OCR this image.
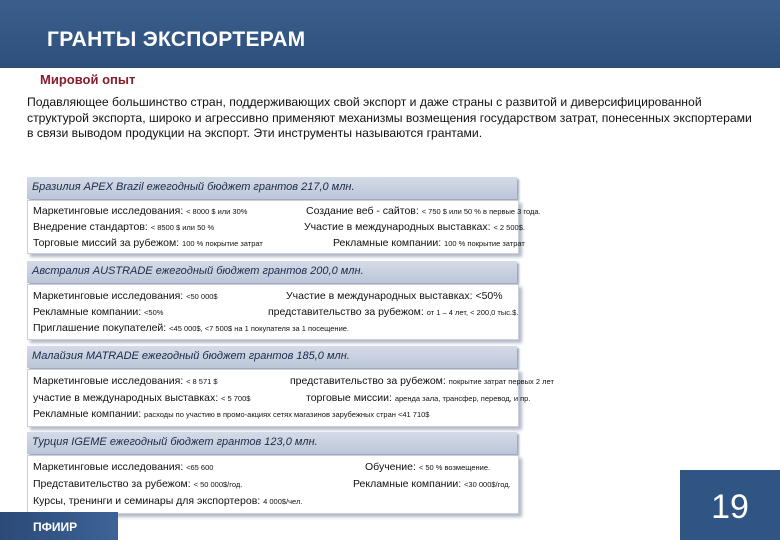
ГРАНТЫ ЭКСПОРТЕРАМ
Мировой опыт
Подавляющее большинство стран, поддерживающих свой экспорт и даже страны с развитой и диверсифицированной структурой экспорта, широко и агрессивно применяют механизмы возмещения государством затрат, понесенных экспортерами в связи выводом продукции на экспорт. Эти инструменты называются грантами.
Бразилия APEX Brazil ежегодный бюджет грантов 217,0 млн.
Маркетинговые исследования: < 8000 $ или 30%	Создание веб - сайтов: < 750 $ или 50 % в первые 3 года.
Внедрение стандартов: < 8500 $ или 50 %	Участие в международных выставках: < 2 500$.
Торговые миссий за рубежом: 100 % покрытие затрат	Рекламные компании: 100 % покрытие затрат
Австралия AUSTRADE ежегодный бюджет грантов 200,0 млн.
Маркетинговые исследования: <50 000$	Участие в международных выставках: <50%
Рекламные компании: <50%	представительство за рубежом: от 1 – 4 лет, < 200,0 тыс.$.
Приглашение покупателей: <45 000$, <7 500$ на 1 покупателя за 1 посещение.
Малайзия MATRADE ежегодный бюджет грантов 185,0 млн.
Маркетинговые исследования: < 8 571 $	представительство за рубежом: покрытие затрат первых 2 лет
участие в международных выставках: < 5 700$	торговые миссии: аренда зала, трансфер, перевод, и пр.
Рекламные компании: расходы по участию в промо-акциях сетях магазинов зарубежных стран <41 710$
Турция IGEME ежегодный бюджет грантов 123,0 млн.
Маркетинговые исследования: <65 600	Обучение: < 50 % возмещение.
Представительство за рубежом: < 50 000$/год.	Рекламные компании: <30 000$/год.
Курсы, тренинги и семинары для экспортеров: 4 000$/чел.
ПФИИР
19
